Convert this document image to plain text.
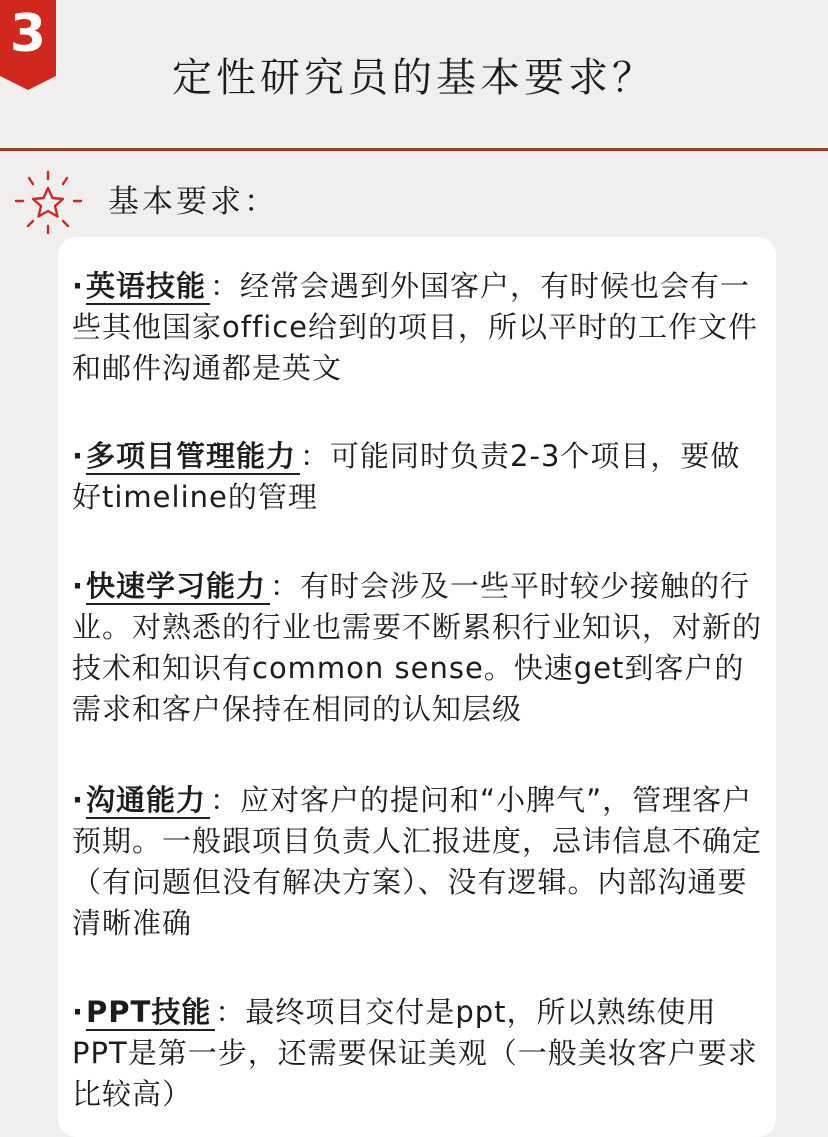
3
定性研究员的基本要求？
基本要求：
·英语技能 ：经常会遇到外国客户，有时候也会有一些其他国家office给到的项目，所以平时的工作文件和邮件沟通都是英文
·多项目管理能力 ：可能同时负责2-3个项目，要做好timeline的管理
·快速学习能力 ：有时会涉及一些平时较少接触的行业。对熟悉的行业也需要不断累积行业知识，对新的技术和知识有common sense。快速get到客户的需求和客户保持在相同的认知层级
·沟通能力 ：应对客户的提问和“小脾气”，管理客户预期。一般跟项目负责人汇报进度，忌讳信息不确定（有问题但没有解决方案）、没有逻辑。内部沟通要清晰准确
·PPT技能 ：最终项目交付是ppt，所以熟练使用PPT是第一步，还需要保证美观（一般美妆客户要求比较高）
